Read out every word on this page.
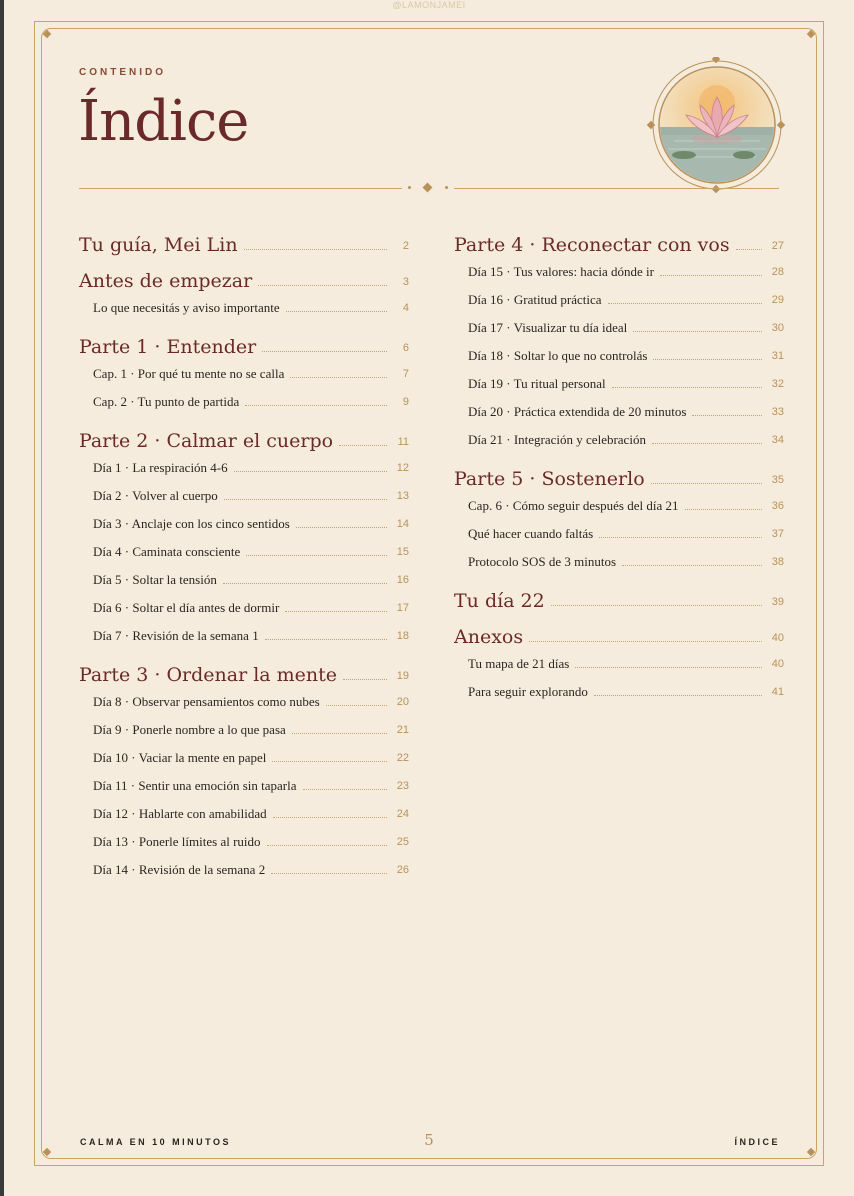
@LAMONJAMEI
CONTENIDO
Índice
Tu guía, Mei Lin	2
Antes de empezar	3
Lo que necesitás y aviso importante	4
Parte 1 · Entender	6
Cap. 1 · Por qué tu mente no se calla	7
Cap. 2 · Tu punto de partida	9
Parte 2 · Calmar el cuerpo	11
Día 1 · La respiración 4-6	12
Día 2 · Volver al cuerpo	13
Día 3 · Anclaje con los cinco sentidos	14
Día 4 · Caminata consciente	15
Día 5 · Soltar la tensión	16
Día 6 · Soltar el día antes de dormir	17
Día 7 · Revisión de la semana 1	18
Parte 3 · Ordenar la mente	19
Día 8 · Observar pensamientos como nubes	20
Día 9 · Ponerle nombre a lo que pasa	21
Día 10 · Vaciar la mente en papel	22
Día 11 · Sentir una emoción sin taparla	23
Día 12 · Hablarte con amabilidad	24
Día 13 · Ponerle límites al ruido	25
Día 14 · Revisión de la semana 2	26
Parte 4 · Reconectar con vos	27
Día 15 · Tus valores: hacia dónde ir	28
Día 16 · Gratitud práctica	29
Día 17 · Visualizar tu día ideal	30
Día 18 · Soltar lo que no controlás	31
Día 19 · Tu ritual personal	32
Día 20 · Práctica extendida de 20 minutos	33
Día 21 · Integración y celebración	34
Parte 5 · Sostenerlo	35
Cap. 6 · Cómo seguir después del día 21	36
Qué hacer cuando faltás	37
Protocolo SOS de 3 minutos	38
Tu día 22	39
Anexos	40
Tu mapa de 21 días	40
Para seguir explorando	41
CALMA EN 10 MINUTOS	5	ÍNDICE
